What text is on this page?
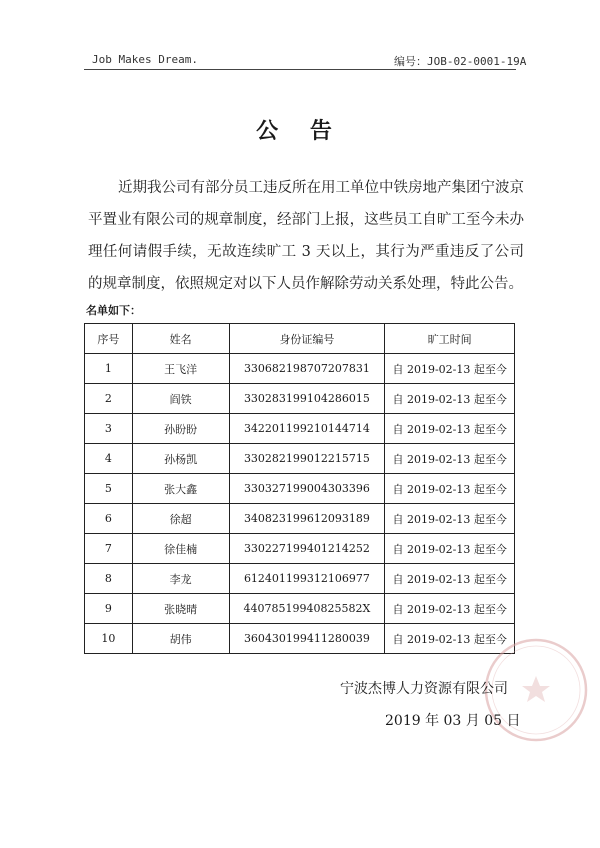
Job Makes Dream.	编号：JOB-02-0001-19A
公 告
近期我公司有部分员工违反所在用工单位中铁房地产集团宁波京平置业有限公司的规章制度，经部门上报，这些员工自旷工至今未办理任何请假手续，无故连续旷工 3 天以上，其行为严重违反了公司的规章制度，依照规定对以下人员作解除劳动关系处理，特此公告。
名单如下：
序号	姓名	身份证编号	旷工时间
1	王飞洋	330682198707207831	自 2019-02-13 起至今
2	阎铁	330283199104286015	自 2019-02-13 起至今
3	孙盼盼	342201199210144714	自 2019-02-13 起至今
4	孙杨凯	330282199012215715	自 2019-02-13 起至今
5	张大鑫	330327199004303396	自 2019-02-13 起至今
6	徐超	340823199612093189	自 2019-02-13 起至今
7	徐佳楠	330227199401214252	自 2019-02-13 起至今
8	李龙	612401199312106977	自 2019-02-13 起至今
9	张晓晴	44078519940825582X	自 2019-02-13 起至今
10	胡伟	360430199411280039	自 2019-02-13 起至今
宁波杰博人力资源有限公司
2019 年 03 月 05 日
